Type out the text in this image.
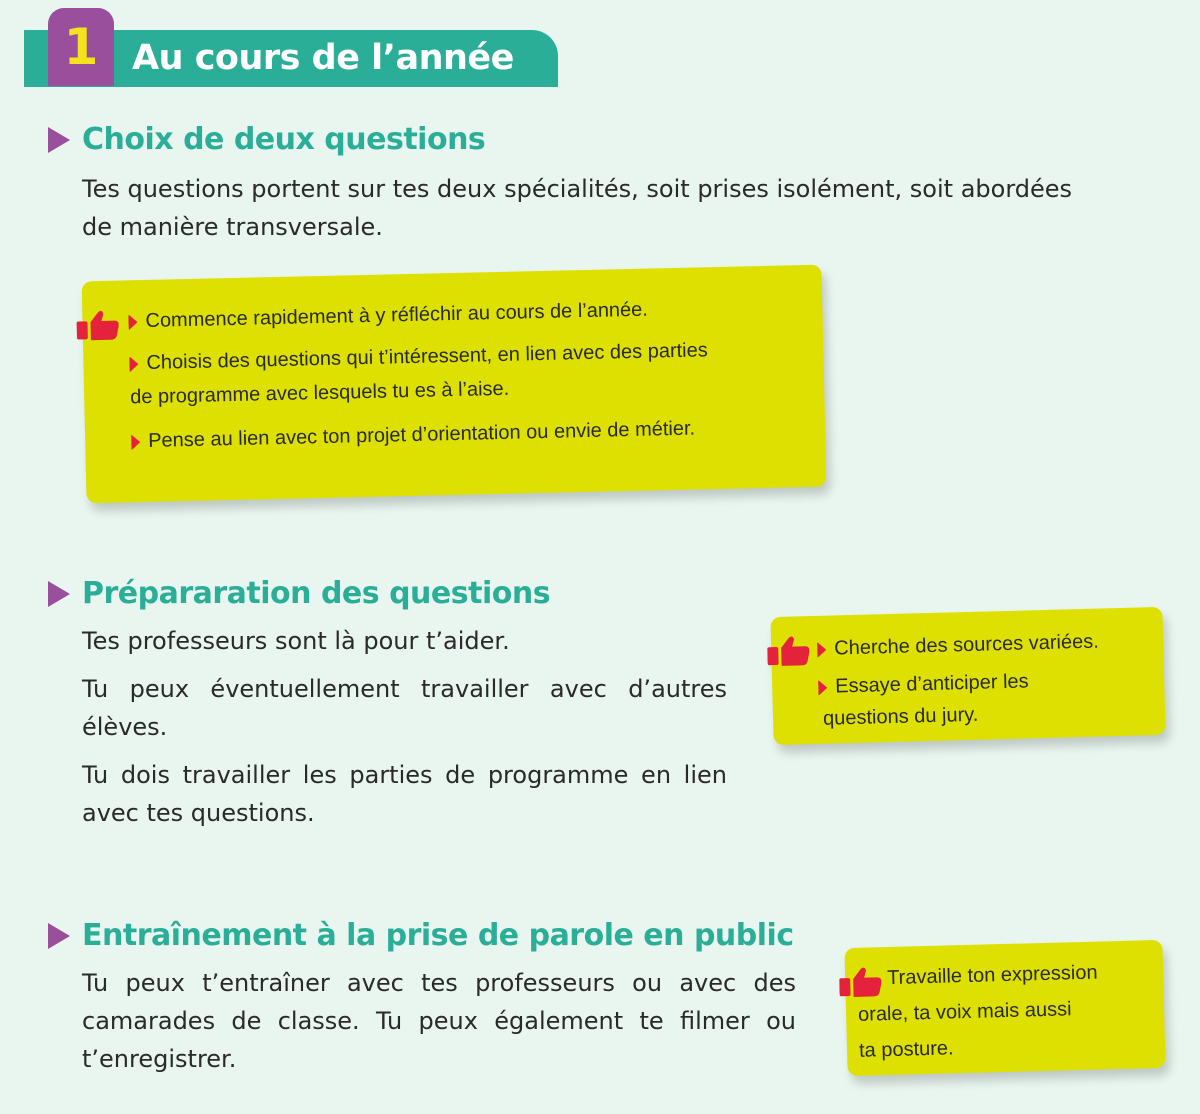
1 Au cours de l’année
Choix de deux questions

Tes questions portent sur tes deux spécialités, soit prises isolément, soit abordées

de manière transversale.

Commence rapidement à y réfléchir au cours de l’année.
Choisis des questions qui t’intéressent, en lien avec des parties
de programme avec lesquels tu es à l’aise.
Pense au lien avec ton projet d’orientation ou envie de métier.
Prépararation des questions

Tes professeurs sont là pour t’aider.

Tu peux éventuellement travailler avec d’autres élèves.

Tu dois travailler les parties de programme en lien avec tes questions.

Cherche des sources variées.
Essaye d’anticiper les
questions du jury.
Entraînement à la prise de parole en public

Tu peux t’entraîner avec tes professeurs ou avec des camarades de classe. Tu peux également te filmer ou t’enregistrer.

Travaille ton expression
orale, ta voix mais aussi
ta posture.
